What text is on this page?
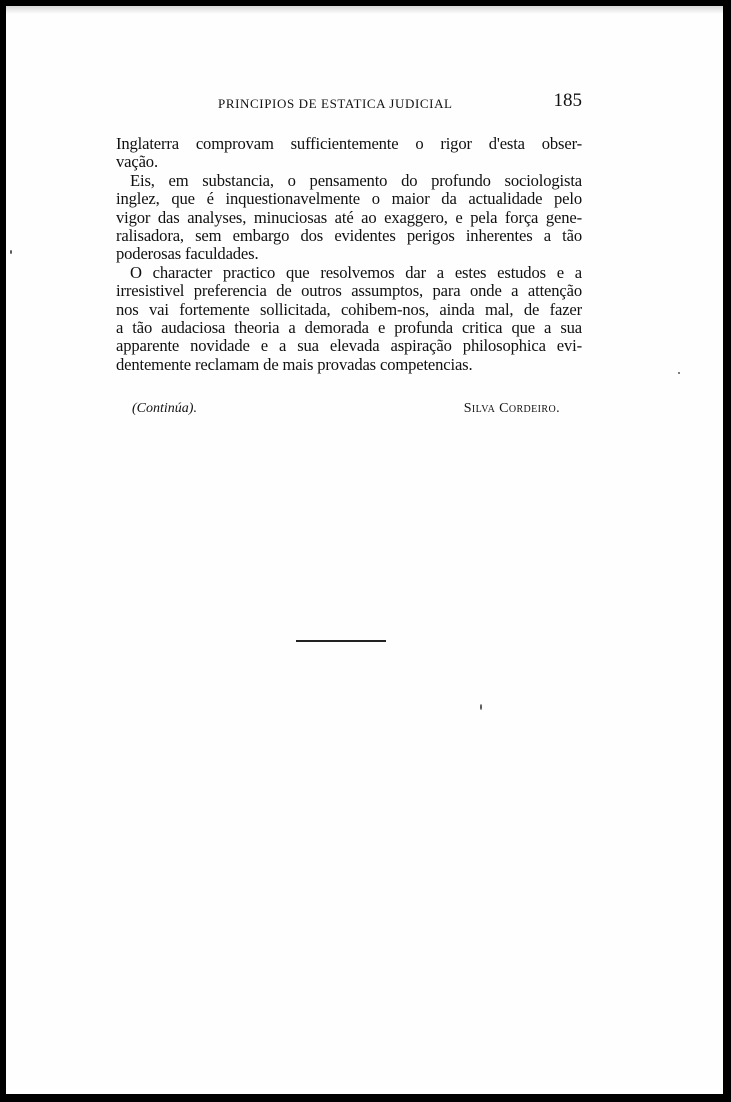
PRINCIPIOS DE ESTATICA JUDICIAL	185
Inglaterra comprovam sufficientemente o rigor d'esta obser-
vação.
Eis, em substancia, o pensamento do profundo sociologista
inglez, que é inquestionavelmente o maior da actualidade pelo
vigor das analyses, minuciosas até ao exaggero, e pela força gene-
ralisadora, sem embargo dos evidentes perigos inherentes a tão
poderosas faculdades.
O character practico que resolvemos dar a estes estudos e a
irresistivel preferencia de outros assumptos, para onde a attenção
nos vai fortemente sollicitada, cohibem-nos, ainda mal, de fazer
a tão audaciosa theoria a demorada e profunda critica que a sua
apparente novidade e a sua elevada aspiração philosophica evi-
dentemente reclamam de mais provadas competencias.
(Continúa).	Silva Cordeiro.
